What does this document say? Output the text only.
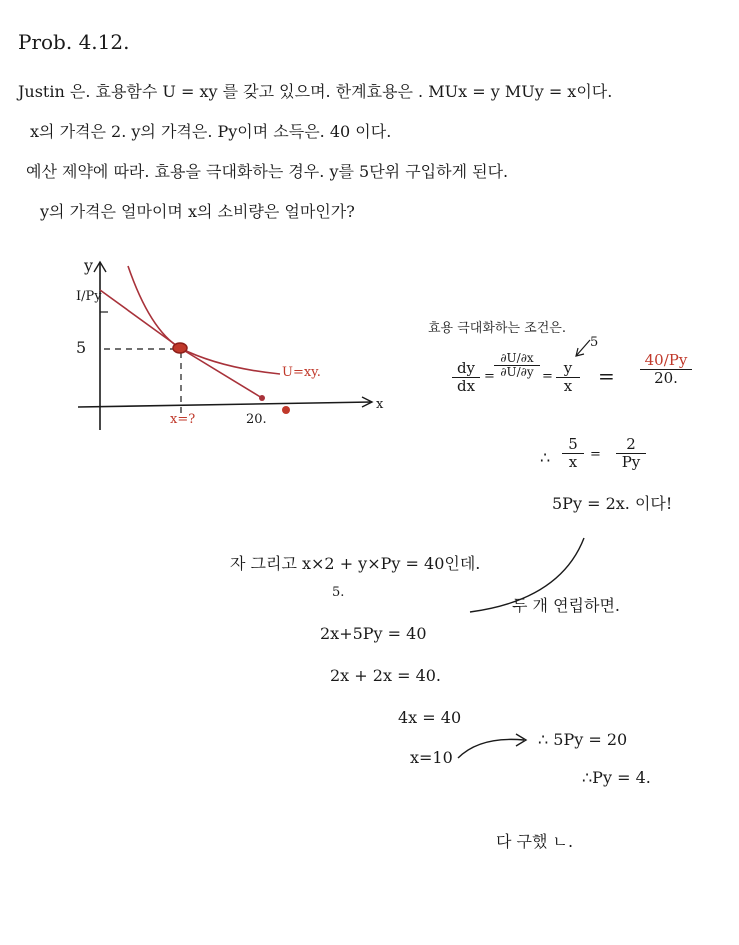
Prob. 4.12.
Justin 은. 효용함수 U = xy 를 갖고 있으며. 한계효용은 . MUx = y MUy = x이다.
x의 가격은 2. y의 가격은. Py이며 소득은. 40 이다.
예산 제약에 따라. 효용을 극대화하는 경우. y를 5단위 구입하게 된다.
y의 가격은 얼마이며 x의 소비량은 얼마인가?
y
I/Py
5
x
x=?	20.
U=xy.
효용 극대화하는 조건은.
$\frac{dy}{dx} = \frac{\partial U/\partial x}{\partial U/\partial y} = \frac{y}{x}$
5
= $\frac{40/Py}{20.}$
∴ $\frac{5}{x} = \frac{2}{Py}$
5Py = 2x. 이다!
자 그리고 x×2 + y×Py = 40인데.
5.
두 개 연립하면.
2x+5Py = 40
2x + 2x = 40.
4x = 40
x=10
∴ 5Py = 20
∴Py = 4.
다 구했 ㄴ.
